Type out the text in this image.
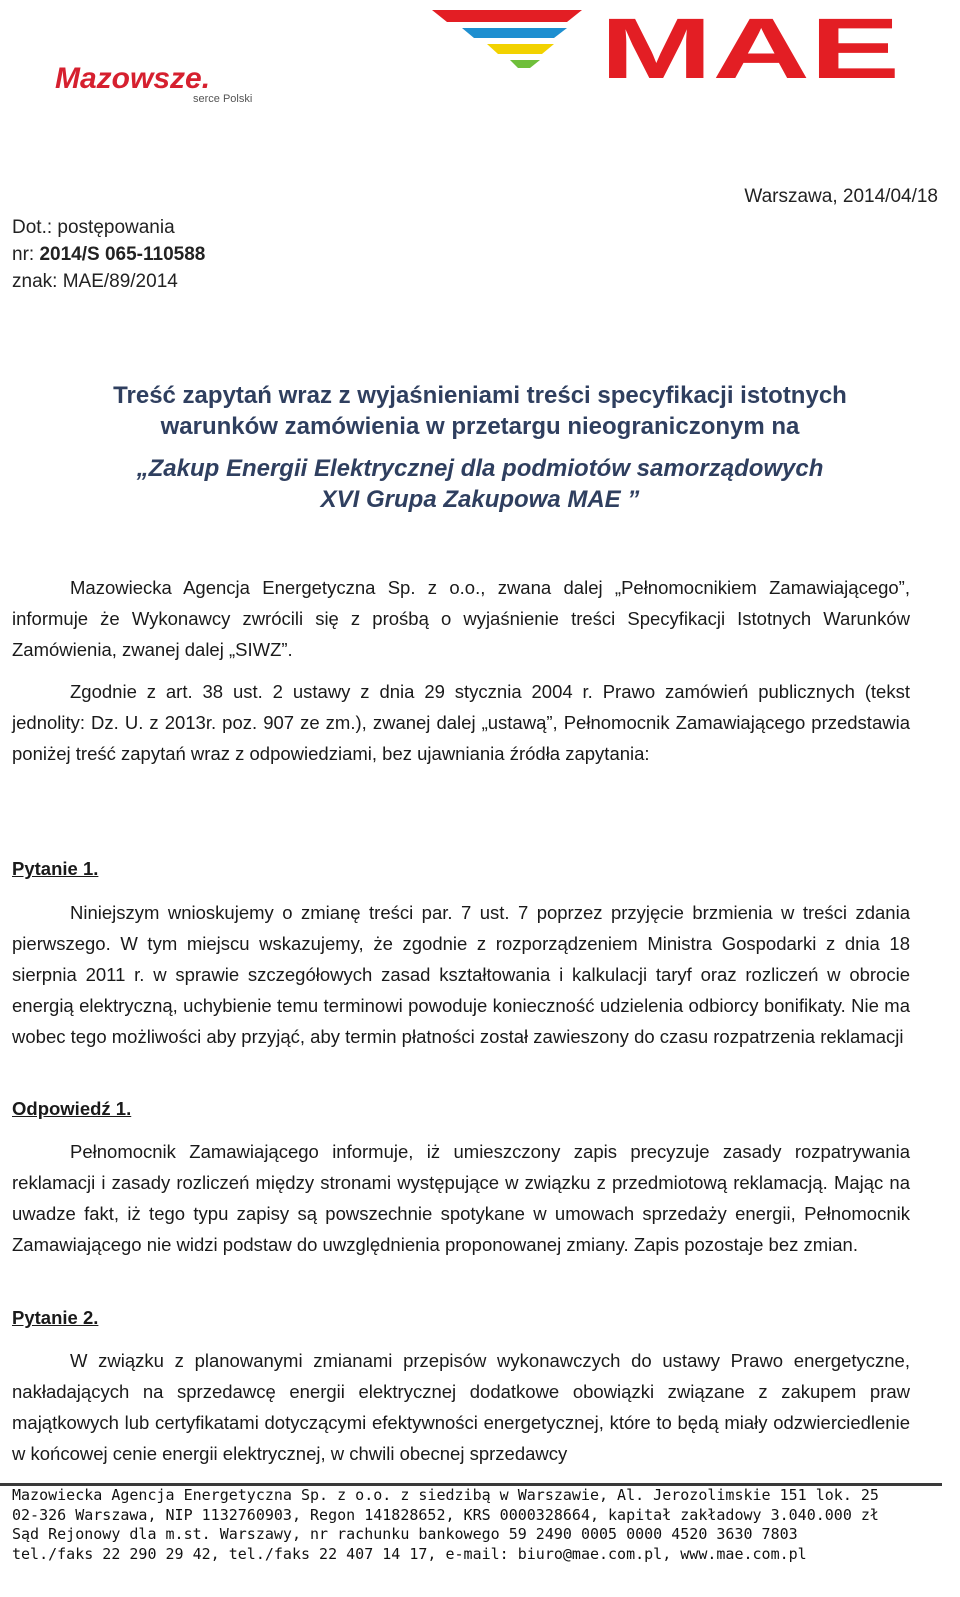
Mazowsze.
serce Polski
MAE
Dot.: postępowania
nr: 2014/S 065-110588
znak: MAE/89/2014
Warszawa, 2014/04/18
Treść zapytań wraz z wyjaśnieniami treści specyfikacji istotnych
warunków zamówienia w przetargu nieograniczonym na
„Zakup Energii Elektrycznej dla podmiotów samorządowych
XVI Grupa Zakupowa MAE ”
Mazowiecka Agencja Energetyczna Sp. z o.o., zwana dalej „Pełnomocnikiem Zamawiającego”, informuje że Wykonawcy zwrócili się z prośbą o wyjaśnienie treści Specyfikacji Istotnych Warunków Zamówienia, zwanej dalej „SIWZ”.
Zgodnie z art. 38 ust. 2 ustawy z dnia 29 stycznia 2004 r. Prawo zamówień publicznych (tekst jednolity: Dz. U. z 2013r. poz. 907 ze zm.), zwanej dalej „ustawą”, Pełnomocnik Zamawiającego przedstawia poniżej treść zapytań wraz z odpowiedziami, bez ujawniania źródła zapytania:
Pytanie 1.
Niniejszym wnioskujemy o zmianę treści par. 7 ust. 7 poprzez przyjęcie brzmienia w treści zdania pierwszego. W tym miejscu wskazujemy, że zgodnie z rozporządzeniem Ministra Gospodarki z dnia 18 sierpnia 2011 r. w sprawie szczegółowych zasad kształtowania i kalkulacji taryf oraz rozliczeń w obrocie energią elektryczną, uchybienie temu terminowi powoduje konieczność udzielenia odbiorcy bonifikaty. Nie ma wobec tego możliwości aby przyjąć, aby termin płatności został zawieszony do czasu rozpatrzenia reklamacji
Odpowiedź 1.
Pełnomocnik Zamawiającego informuje, iż umieszczony zapis precyzuje zasady rozpatrywania reklamacji i zasady rozliczeń między stronami występujące w związku z przedmiotową reklamacją. Mając na uwadze fakt, iż tego typu zapisy są powszechnie spotykane w umowach sprzedaży energii, Pełnomocnik Zamawiającego nie widzi podstaw do uwzględnienia proponowanej zmiany. Zapis pozostaje bez zmian.
Pytanie 2.
W związku z planowanymi zmianami przepisów wykonawczych do ustawy Prawo energetyczne, nakładających na sprzedawcę energii elektrycznej dodatkowe obowiązki związane z zakupem praw majątkowych lub certyfikatami dotyczącymi efektywności energetycznej, które to będą miały odzwierciedlenie w końcowej cenie energii elektrycznej, w chwili obecnej sprzedawcy
Mazowiecka Agencja Energetyczna Sp. z o.o. z siedzibą w Warszawie, Al. Jerozolimskie 151 lok. 25
02-326 Warszawa, NIP 1132760903, Regon 141828652, KRS 0000328664, kapitał zakładowy 3.040.000 zł
Sąd Rejonowy dla m.st. Warszawy, nr rachunku bankowego 59 2490 0005 0000 4520 3630 7803
tel./faks 22 290 29 42, tel./faks 22 407 14 17, e-mail: biuro@mae.com.pl, www.mae.com.pl
